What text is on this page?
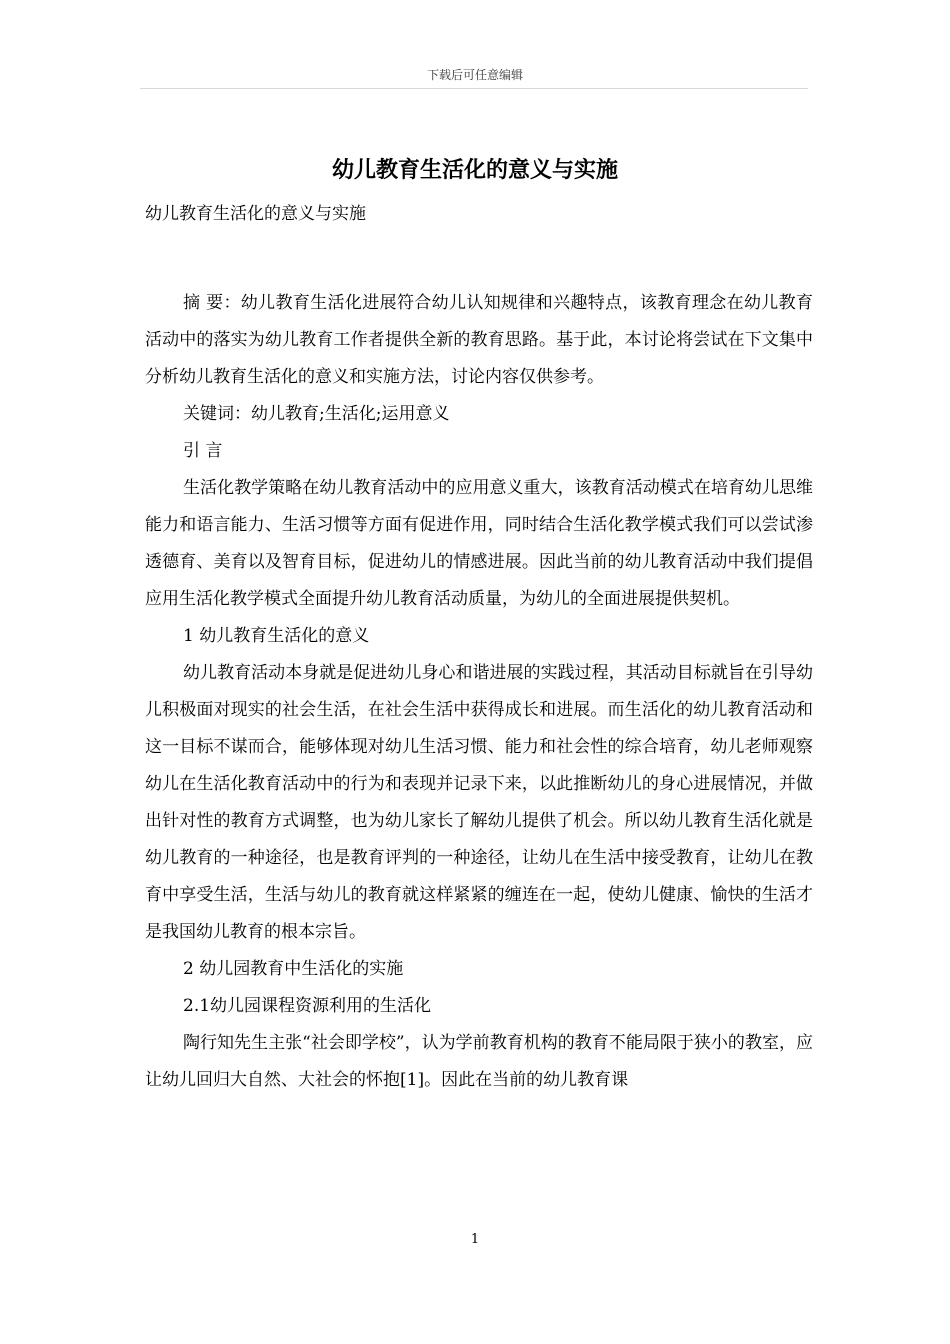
下载后可任意编辑
幼儿教育生活化的意义与实施

幼儿教育生活化的意义与实施

摘 要：幼儿教育生活化进展符合幼儿认知规律和兴趣特点，该教育理念在幼儿教育活动中的落实为幼儿教育工作者提供全新的教育思路。基于此，本讨论将尝试在下文集中分析幼儿教育生活化的意义和实施方法，讨论内容仅供参考。

关键词：幼儿教育;生活化;运用意义

引 言

生活化教学策略在幼儿教育活动中的应用意义重大，该教育活动模式在培育幼儿思维能力和语言能力、生活习惯等方面有促进作用，同时结合生活化教学模式我们可以尝试渗透德育、美育以及智育目标，促进幼儿的情感进展。因此当前的幼儿教育活动中我们提倡应用生活化教学模式全面提升幼儿教育活动质量，为幼儿的全面进展提供契机。

1 幼儿教育生活化的意义

幼儿教育活动本身就是促进幼儿身心和谐进展的实践过程，其活动目标就旨在引导幼儿积极面对现实的社会生活，在社会生活中获得成长和进展。而生活化的幼儿教育活动和这一目标不谋而合，能够体现对幼儿生活习惯、能力和社会性的综合培育，幼儿老师观察幼儿在生活化教育活动中的行为和表现并记录下来，以此推断幼儿的身心进展情况，并做出针对性的教育方式调整，也为幼儿家长了解幼儿提供了机会。所以幼儿教育生活化就是幼儿教育的一种途径，也是教育评判的一种途径，让幼儿在生活中接受教育，让幼儿在教育中享受生活，生活与幼儿的教育就这样紧紧的缠连在一起，使幼儿健康、愉快的生活才是我国幼儿教育的根本宗旨。

2 幼儿园教育中生活化的实施

2.1幼儿园课程资源利用的生活化

陶行知先生主张“社会即学校”，认为学前教育机构的教育不能局限于狭小的教室，应让幼儿回归大自然、大社会的怀抱[1]。因此在当前的幼儿教育课

1
